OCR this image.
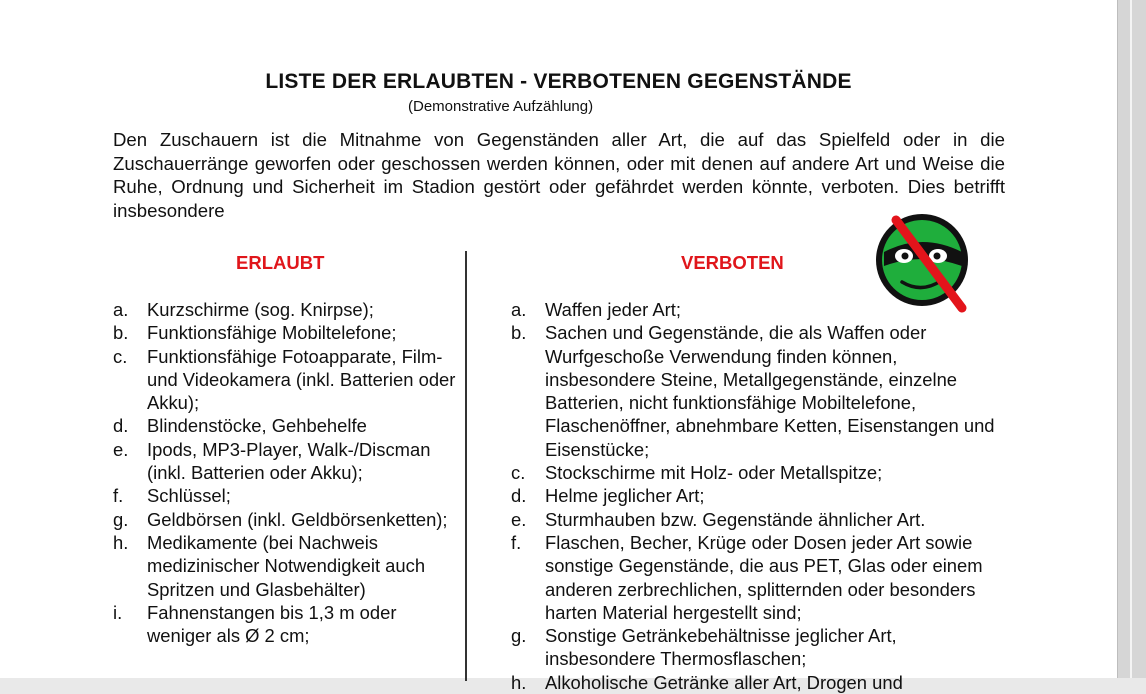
LISTE DER ERLAUBTEN - VERBOTENEN GEGENSTÄNDE
(Demonstrative Aufzählung)

Den Zuschauern ist die Mitnahme von Gegenständen aller Art, die auf das Spielfeld oder in die Zuschauerränge geworfen oder geschossen werden können, oder mit denen auf andere Art und Weise die Ruhe, Ordnung und Sicherheit im Stadion gestört oder gefährdet werden könnte, verboten. Dies betrifft insbesondere

ERLAUBT	VERBOTEN
a. Kurzschirme (sog. Knirpse);
b. Funktionsfähige Mobiltelefone;
c. Funktionsfähige Fotoapparate, Film- und Videokamera (inkl. Batterien oder Akku);
d. Blindenstöcke, Gehbehelfe
e. Ipods, MP3-Player, Walk-/Discman (inkl. Batterien oder Akku);
f. Schlüssel;
g. Geldbörsen (inkl. Geldbörsenketten);
h. Medikamente (bei Nachweis medizinischer Notwendigkeit auch Spritzen und Glasbehälter)
i. Fahnenstangen bis 1,3 m oder weniger als Ø 2 cm;
a. Waffen jeder Art;
b. Sachen und Gegenstände, die als Waffen oder Wurfgeschoße Verwendung finden können, insbesondere Steine, Metallgegenstände, einzelne Batterien, nicht funktionsfähige Mobiltelefone, Flaschenöffner, abnehmbare Ketten, Eisenstangen und Eisenstücke;
c. Stockschirme mit Holz- oder Metallspitze;
d. Helme jeglicher Art;
e. Sturmhauben bzw. Gegenstände ähnlicher Art.
f. Flaschen, Becher, Krüge oder Dosen jeder Art sowie sonstige Gegenstände, die aus PET, Glas oder einem anderen zerbrechlichen, splitternden oder besonders harten Material hergestellt sind;
g. Sonstige Getränkebehältnisse jeglicher Art, insbesondere Thermosflaschen;
h. Alkoholische Getränke aller Art, Drogen und
